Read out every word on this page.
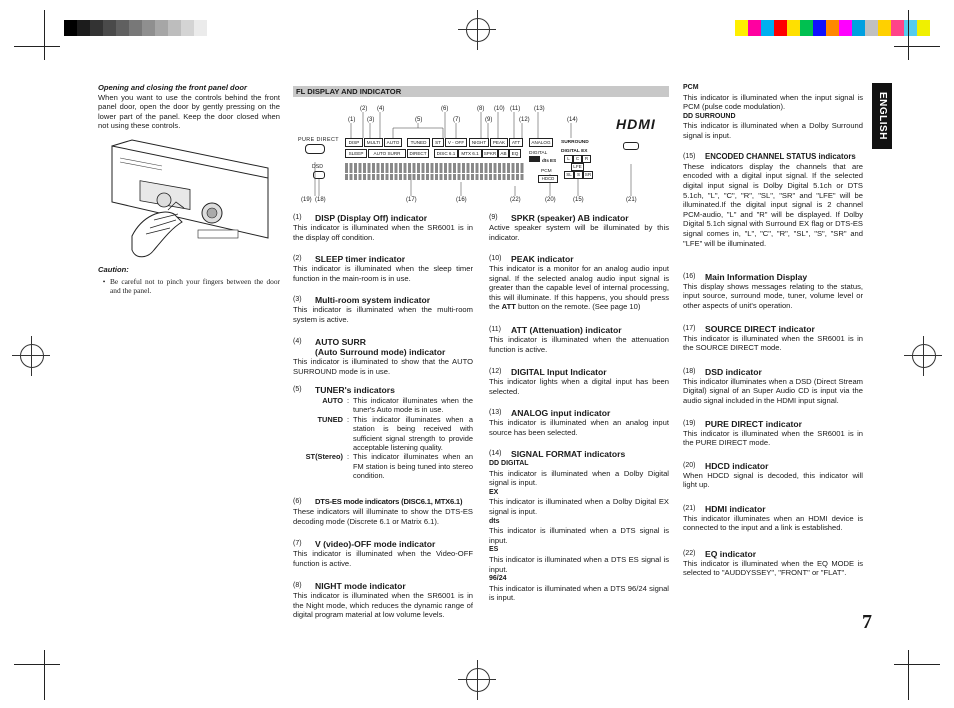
ENGLISH
Opening and closing the front panel door
When you want to use the controls behind the front panel door, open the door by gently pressing on the lower part of the panel. Keep the door closed when not using these controls.
Caution:
• Be careful not to pinch your fingers between the door and the panel.
FL DISPLAY AND INDICATOR
(2) (4)	(6)	(8) (10) (11) (13)
(1) (3)	(5)	(7)	(9)	(12)	(14)
PURE DIRECT
DSD
DISP	MULTI	AUTO	TUNED	ST	V - OFF	NIGHT	PEAK	ATT	ANALOG
SLEEP	AUTO SURR	DIRECT	DISC 6.1	MTX 6.1	SPKR AB	EQ	DIGITAL
dts ES
PCM
HDCD
SURROUND
DIGITAL EX
L	C	R
LFE
SL	S	SR
HDMI
(19) (18)	(17)	(16)	(22)	(20)	(15)	(21)
(1)	DISP (Display Off) indicator
This indicator is illuminated when the SR6001 is in the display off condition.
(2)	SLEEP timer indicator
This indicator is illuminated when the sleep timer function in the main-room is in use.
(3)	Multi-room system indicator
This indicator is illuminated when the multi-room system is active.
(4)	AUTO SURR
(Auto Surround mode) indicator
This indicator is illuminated to show that the AUTO SURROUND mode is in use.
(5)	TUNER's indicators
AUTO : This indicator illuminates when the tuner's Auto mode is in use.
TUNED : This indicator illuminates when a station is being received with sufficient signal strength to provide acceptable listening quality.
ST(Stereo) : This indicator illuminates when an FM station is being tuned into stereo condition.
(6)	DTS-ES mode indicators (DISC6.1, MTX6.1)
These indicators will illuminate to show the DTS-ES decoding mode (Discrete 6.1 or Matrix 6.1).
(7)	V (video)-OFF mode indicator
This indicator is illuminated when the Video-OFF function is active.
(8)	NIGHT mode indicator
This indicator is illuminated when the SR6001 is in the Night mode, which reduces the dynamic range of digital program material at low volume levels.
(9)	SPKR (speaker) AB indicator
Active speaker system will be illuminated by this indicator.
(10)	PEAK indicator
This indicator is a monitor for an analog audio input signal. If the selected analog audio input signal is greater than the capable level of internal processing, this will illuminate. If this happens, you should press the ATT button on the remote. (See page 10)
(11)	ATT (Attenuation) indicator
This indicator is illuminated when the attenuation function is active.
(12)	DIGITAL Input Indicator
This indicator lights when a digital input has been selected.
(13)	ANALOG input indicator
This indicator is illuminated when an analog input source has been selected.
(14)	SIGNAL FORMAT indicators
DD DIGITAL
This indicator is illuminated when a Dolby Digital signal is input.
EX
This indicator is illuminated when a Dolby Digital EX signal is input.
dts
This indicator is illuminated when a DTS signal is input.
ES
This indicator is illuminated when a DTS ES signal is input.
96/24
This indicator is illuminated when a DTS 96/24 signal is input.
PCM
This indicator is illuminated when the input signal is PCM (pulse code modulation).
DD SURROUND
This indicator is illuminated when a Dolby Surround signal is input.
(15)	ENCODED CHANNEL STATUS indicators
These indicators display the channels that are encoded with a digital input signal. If the selected digital input signal is Dolby Digital 5.1ch or DTS 5.1ch, "L", "C", "R", "SL", "SR" and "LFE" will be illuminated.If the digital input signal is 2 channel PCM-audio, "L" and "R" will be displayed. If Dolby Digital 5.1ch signal with Surround EX flag or DTS-ES signal comes in, "L", "C", "R", "SL", "S", "SR" and "LFE" will be illuminated.
(16)	Main Information Display
This display shows messages relating to the status, input source, surround mode, tuner, volume level or other aspects of unit's operation.
(17)	SOURCE DIRECT indicator
This indicator is illuminated when the SR6001 is in the SOURCE DIRECT mode.
(18)	DSD indicator
This indicator illuminates when a DSD (Direct Stream Digital) signal of an Super Audio CD is input via the audio signal included in the HDMI input signal.
(19)	PURE DIRECT indicator
This indicator is illuminated when the SR6001 is in the PURE DIRECT mode.
(20)	HDCD indicator
When HDCD signal is decoded, this indicator will light up.
(21)	HDMI indicator
This indicator illuminates when an HDMI device is connected to the input and a link is established.
(22)	EQ indicator
This indicator is illuminated when the EQ MODE is selected to "AUDDYSSEY", "FRONT" or "FLAT".
7
